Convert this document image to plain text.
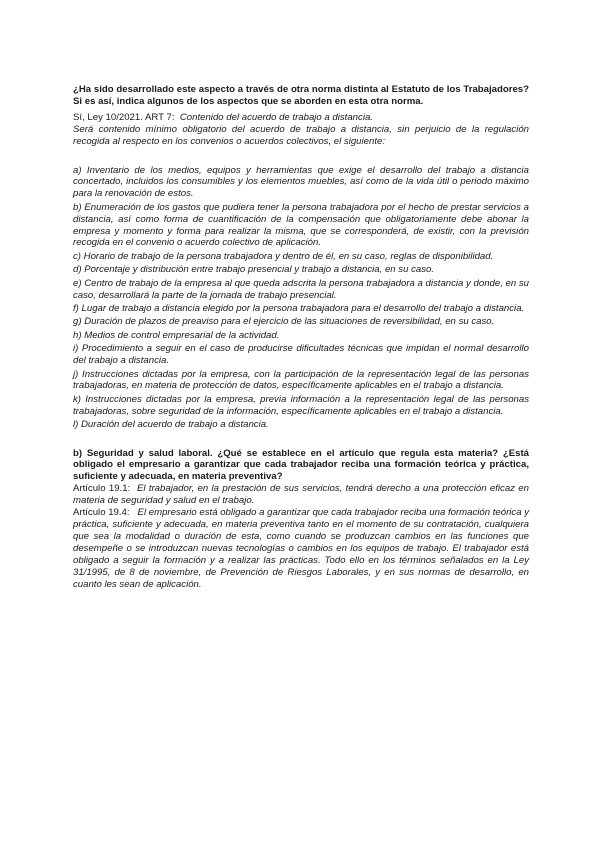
¿Ha sido desarrollado este aspecto a través de otra norma distinta al Estatuto de los Trabajadores? Si es así, indica algunos de los aspectos que se aborden en esta otra norma.

Sí, Ley 10/2021. ART 7: Contenido del acuerdo de trabajo a distancia.

Será contenido mínimo obligatorio del acuerdo de trabajo a distancia, sin perjuicio de la regulación recogida al respecto en los convenios o acuerdos colectivos, el siguiente:

a) Inventario de los medios, equipos y herramientas que exige el desarrollo del trabajo a distancia concertado, incluidos los consumibles y los elementos muebles, así como de la vida útil o periodo máximo para la renovación de estos.

b) Enumeración de los gastos que pudiera tener la persona trabajadora por el hecho de prestar servicios a distancia, así como forma de cuantificación de la compensación que obligatoriamente debe abonar la empresa y momento y forma para realizar la misma, que se corresponderá, de existir, con la previsión recogida en el convenio o acuerdo colectivo de aplicación.

c) Horario de trabajo de la persona trabajadora y dentro de él, en su caso, reglas de disponibilidad.

d) Porcentaje y distribución entre trabajo presencial y trabajo a distancia, en su caso.

e) Centro de trabajo de la empresa al que queda adscrita la persona trabajadora a distancia y donde, en su caso, desarrollará la parte de la jornada de trabajo presencial.

f) Lugar de trabajo a distancia elegido por la persona trabajadora para el desarrollo del trabajo a distancia.

g) Duración de plazos de preaviso para el ejercicio de las situaciones de reversibilidad, en su caso.

h) Medios de control empresarial de la actividad.

i) Procedimiento a seguir en el caso de producirse dificultades técnicas que impidan el normal desarrollo del trabajo a distancia.

j) Instrucciones dictadas por la empresa, con la participación de la representación legal de las personas trabajadoras, en materia de protección de datos, específicamente aplicables en el trabajo a distancia.

k) Instrucciones dictadas por la empresa, previa información a la representación legal de las personas trabajadoras, sobre seguridad de la información, específicamente aplicables en el trabajo a distancia.

l) Duración del acuerdo de trabajo a distancia.

b) Seguridad y salud laboral. ¿Qué se establece en el artículo que regula esta materia? ¿Está obligado el empresario a garantizar que cada trabajador reciba una formación teórica y práctica, suficiente y adecuada, en materia preventiva?

Artículo 19.1: El trabajador, en la prestación de sus servicios, tendrá derecho a una protección eficaz en materia de seguridad y salud en el trabajo.

Artículo 19.4: El empresario está obligado a garantizar que cada trabajador reciba una formación teórica y práctica, suficiente y adecuada, en materia preventiva tanto en el momento de su contratación, cualquiera que sea la modalidad o duración de esta, como cuando se produzcan cambios en las funciones que desempeñe o se introduzcan nuevas tecnologías o cambios en los equipos de trabajo. El trabajador está obligado a seguir la formación y a realizar las prácticas. Todo ello en los términos señalados en la Ley 31/1995, de 8 de noviembre, de Prevención de Riesgos Laborales, y en sus normas de desarrollo, en cuanto les sean de aplicación.
